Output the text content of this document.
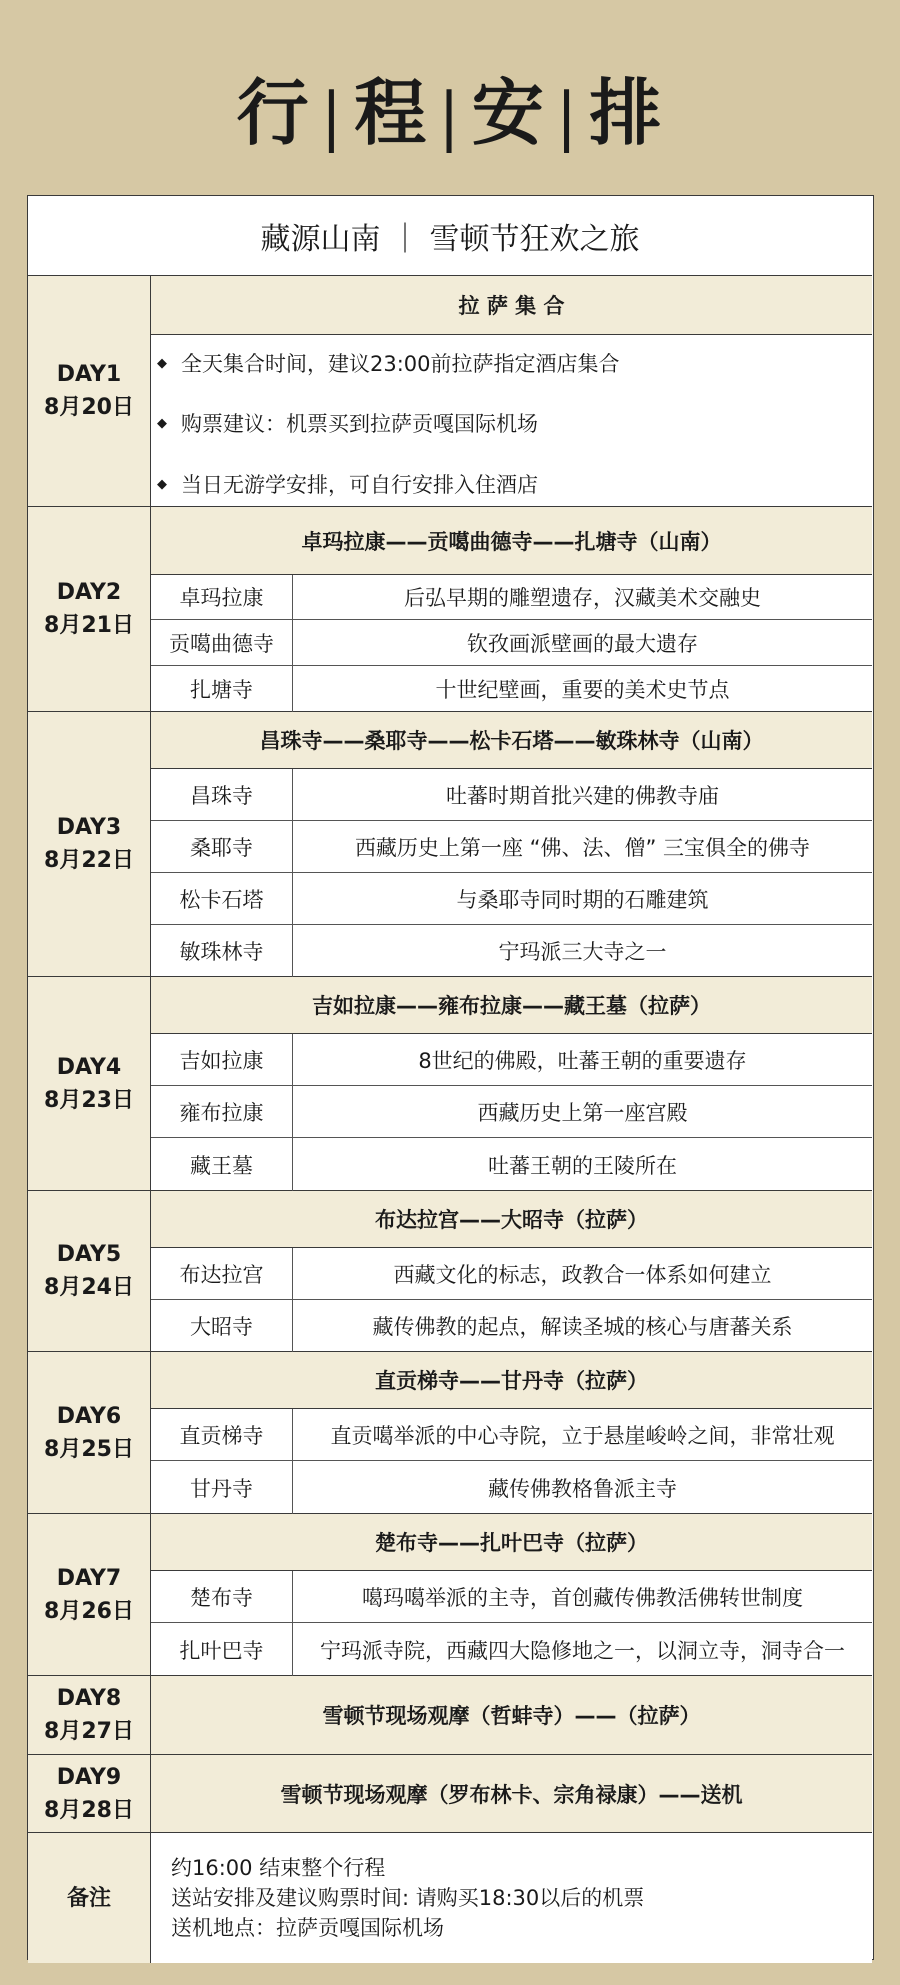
行 | 程 | 安 | 排
藏源山南 ｜ 雪顿节狂欢之旅
DAY1
8月20日
拉 萨 集 合
◆ 全天集合时间，建议23:00前拉萨指定酒店集合
◆ 购票建议：机票买到拉萨贡嘎国际机场
◆ 当日无游学安排，可自行安排入住酒店
DAY2
8月21日
卓玛拉康——贡噶曲德寺——扎塘寺（山南）
卓玛拉康	后弘早期的雕塑遗存，汉藏美术交融史
贡噶曲德寺	钦孜画派壁画的最大遗存
扎塘寺	十世纪壁画，重要的美术史节点
DAY3
8月22日
昌珠寺——桑耶寺——松卡石塔——敏珠林寺（山南）
昌珠寺	吐蕃时期首批兴建的佛教寺庙
桑耶寺	西藏历史上第一座 “佛、法、僧” 三宝俱全的佛寺
松卡石塔	与桑耶寺同时期的石雕建筑
敏珠林寺	宁玛派三大寺之一
DAY4
8月23日
吉如拉康——雍布拉康——藏王墓（拉萨）
吉如拉康	8世纪的佛殿，吐蕃王朝的重要遗存
雍布拉康	西藏历史上第一座宫殿
藏王墓	吐蕃王朝的王陵所在
DAY5
8月24日
布达拉宫——大昭寺（拉萨）
布达拉宫	西藏文化的标志，政教合一体系如何建立
大昭寺	藏传佛教的起点，解读圣城的核心与唐蕃关系
DAY6
8月25日
直贡梯寺——甘丹寺（拉萨）
直贡梯寺	直贡噶举派的中心寺院，立于悬崖峻岭之间，非常壮观
甘丹寺	藏传佛教格鲁派主寺
DAY7
8月26日
楚布寺——扎叶巴寺（拉萨）
楚布寺	噶玛噶举派的主寺，首创藏传佛教活佛转世制度
扎叶巴寺	宁玛派寺院，西藏四大隐修地之一，以洞立寺，洞寺合一
DAY8
8月27日
雪顿节现场观摩（哲蚌寺）——（拉萨）
DAY9
8月28日
雪顿节现场观摩（罗布林卡、宗角禄康）——送机
备注
约16:00 结束整个行程
送站安排及建议购票时间: 请购买18:30以后的机票
送机地点：拉萨贡嘎国际机场
